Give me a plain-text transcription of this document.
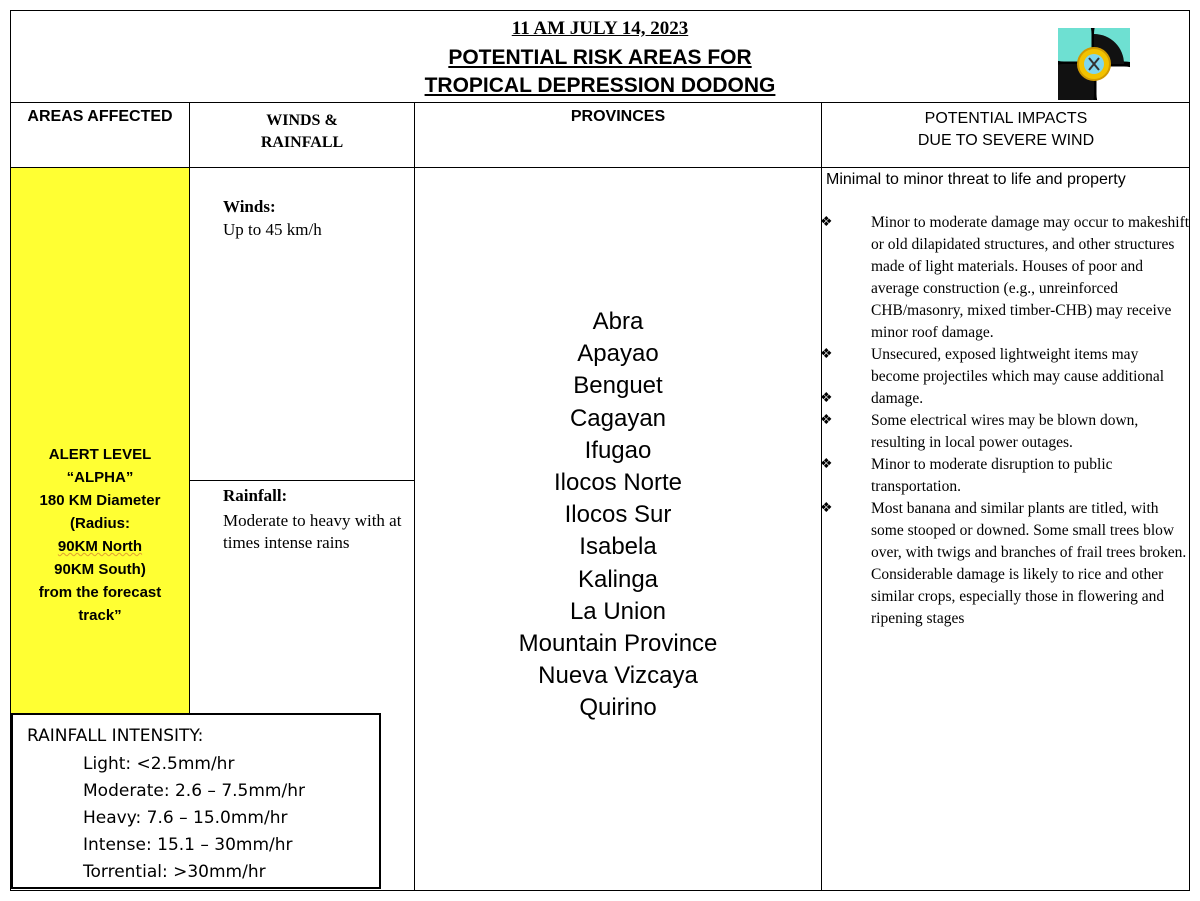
11 AM JULY 14, 2023
POTENTIAL RISK AREAS FOR
TROPICAL DEPRESSION DODONG
AREAS AFFECTED	WINDS &
RAINFALL
PROVINCES	POTENTIAL IMPACTS
DUE TO SEVERE WIND
ALERT LEVEL
“ALPHA”
180 KM Diameter
(Radius:
90KM North
90KM South)
from the forecast
track”
Winds:
Up to 45 km/h
Rainfall:
Moderate to heavy with at times intense rains
Abra
Apayao
Benguet
Cagayan
Ifugao
Ilocos Norte
Ilocos Sur
Isabela
Kalinga
La Union
Mountain Province
Nueva Vizcaya
Quirino
Minimal to minor threat to life and property
❖ Minor to moderate damage may occur to makeshift or old dilapidated structures, and other structures made of light materials. Houses of poor and average construction (e.g., unreinforced CHB/masonry, mixed timber-CHB) may receive minor roof damage.
❖ Unsecured, exposed lightweight items may become projectiles which may cause additional
❖ damage.
❖ Some electrical wires may be blown down, resulting in local power outages.
❖ Minor to moderate disruption to public transportation.
❖ Most banana and similar plants are titled, with some stooped or downed. Some small trees blow over, with twigs and branches of frail trees broken. Considerable damage is likely to rice and other similar crops, especially those in flowering and ripening stages
RAINFALL INTENSITY:
Light: <2.5mm/hr
Moderate: 2.6 – 7.5mm/hr
Heavy: 7.6 – 15.0mm/hr
Intense: 15.1 – 30mm/hr
Torrential: >30mm/hr
